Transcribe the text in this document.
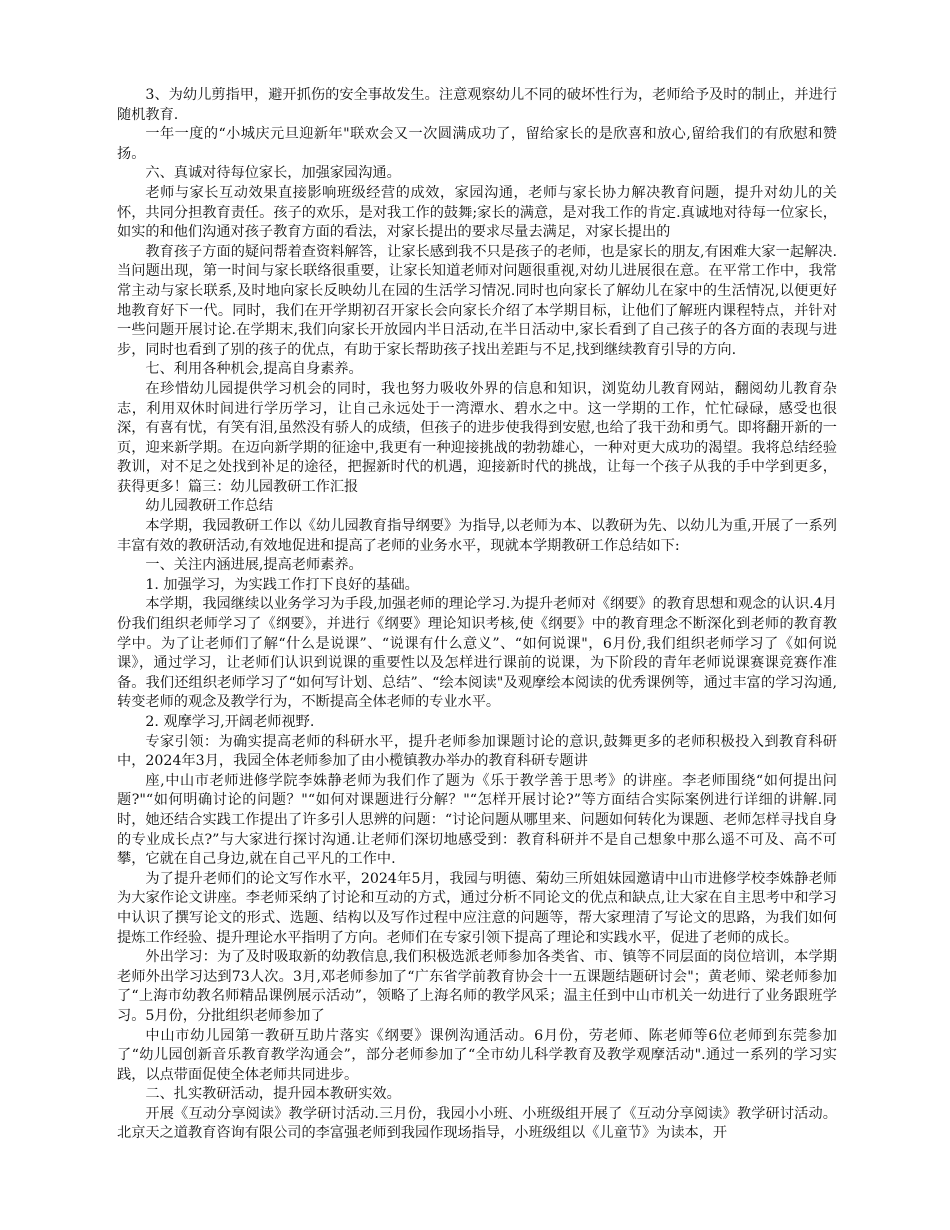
3、为幼儿剪指甲，避开抓伤的安全事故发生。注意观察幼儿不同的破坏性行为，老师给予及时的制止，并进行随机教育.

一年一度的“小城庆元旦迎新年"联欢会又一次圆满成功了，留给家长的是欣喜和放心,留给我们的有欣慰和赞扬。

六、真诚对待每位家长，加强家园沟通。

老师与家长互动效果直接影响班级经营的成效，家园沟通，老师与家长协力解决教育问题，提升对幼儿的关怀，共同分担教育责任。孩子的欢乐，是对我工作的鼓舞;家长的满意，是对我工作的肯定.真诚地对待每一位家长，如实的和他们沟通对孩子教育方面的看法，对家长提出的要求尽量去满足，对家长提出的

教育孩子方面的疑问帮着查资料解答，让家长感到我不只是孩子的老师，也是家长的朋友,有困难大家一起解决.当问题出现，第一时间与家长联络很重要，让家长知道老师对问题很重视,对幼儿进展很在意。在平常工作中，我常常主动与家长联系,及时地向家长反映幼儿在园的生活学习情况.同时也向家长了解幼儿在家中的生活情况,以便更好地教育好下一代。同时，我们在开学期初召开家长会向家长介绍了本学期目标，让他们了解班内课程特点，并针对一些问题开展讨论.在学期末,我们向家长开放园内半日活动,在半日活动中,家长看到了自己孩子的各方面的表现与进步，同时也看到了别的孩子的优点，有助于家长帮助孩子找出差距与不足,找到继续教育引导的方向.

七、利用各种机会,提高自身素养。

在珍惜幼儿园提供学习机会的同时，我也努力吸收外界的信息和知识，浏览幼儿教育网站，翻阅幼儿教育杂志，利用双休时间进行学历学习，让自己永远处于一湾潭水、碧水之中。这一学期的工作，忙忙碌碌，感受也很深，有喜有忧，有笑有泪,虽然没有骄人的成绩，但孩子的进步使我得到安慰,也给了我干劲和勇气。即将翻开新的一页，迎来新学期。在迈向新学期的征途中,我更有一种迎接挑战的勃勃雄心，一种对更大成功的渴望。我将总结经验教训，对不足之处找到补足的途径，把握新时代的机遇，迎接新时代的挑战，让每一个孩子从我的手中学到更多，获得更多！篇三：幼儿园教研工作汇报

幼儿园教研工作总结

本学期，我园教研工作以《幼儿园教育指导纲要》为指导,以老师为本、以教研为先、以幼儿为重,开展了一系列丰富有效的教研活动,有效地促进和提高了老师的业务水平，现就本学期教研工作总结如下:

一、关注内涵进展,提高老师素养。

1. 加强学习，为实践工作打下良好的基础。

本学期，我园继续以业务学习为手段,加强老师的理论学习.为提升老师对《纲要》的教育思想和观念的认识.4月份我们组织老师学习了《纲要》，并进行《纲要》理论知识考核,使《纲要》中的教育理念不断深化到老师的教育教学中。为了让老师们了解“什么是说课”、“说课有什么意义”、“如何说课"，6月份,我们组织老师学习了《如何说课》，通过学习，让老师们认识到说课的重要性以及怎样进行课前的说课，为下阶段的青年老师说课赛课竞赛作准备。我们还组织老师学习了“如何写计划、总结”、“绘本阅读"及观摩绘本阅读的优秀课例等，通过丰富的学习沟通,转变老师的观念及教学行为，不断提高全体老师的专业水平。

2. 观摩学习,开阔老师视野.

专家引领：为确实提高老师的科研水平，提升老师参加课题讨论的意识,鼓舞更多的老师积极投入到教育科研中，2024年3月，我园全体老师参加了由小榄镇教办举办的教育科研专题讲

座,中山市老师进修学院李姝静老师为我们作了题为《乐于教学善于思考》的讲座。李老师围绕“如何提出问题?"“如何明确讨论的问题？"“如何对课题进行分解？"“怎样开展讨论?”等方面结合实际案例进行详细的讲解.同时，她还结合实践工作提出了许多引人思辨的问题：“讨论问题从哪里来、问题如何转化为课题、老师怎样寻找自身的专业成长点?”与大家进行探讨沟通.让老师们深切地感受到：教育科研并不是自己想象中那么遥不可及、高不可攀，它就在自己身边,就在自己平凡的工作中.

为了提升老师们的论文写作水平，2024年5月，我园与明德、菊幼三所姐妹园邀请中山市进修学校李姝静老师为大家作论文讲座。李老师采纳了讨论和互动的方式，通过分析不同论文的优点和缺点,让大家在自主思考中和学习中认识了撰写论文的形式、选题、结构以及写作过程中应注意的问题等，帮大家理清了写论文的思路，为我们如何提炼工作经验、提升理论水平指明了方向。老师们在专家引领下提高了理论和实践水平，促进了老师的成长。

外出学习：为了及时吸取新的幼教信息,我们积极选派老师参加各类省、市、镇等不同层面的岗位培训，本学期老师外出学习达到73人次。3月,邓老师参加了“广东省学前教育协会十一五课题结题研讨会"；黄老师、梁老师参加了“上海市幼教名师精品课例展示活动”，领略了上海名师的教学风采；温主任到中山市机关一幼进行了业务跟班学习。5月份，分批组织老师参加了

中山市幼儿园第一教研互助片落实《纲要》课例沟通活动。6月份，劳老师、陈老师等6位老师到东莞参加了“幼儿园创新音乐教育教学沟通会”，部分老师参加了“全市幼儿科学教育及教学观摩活动".通过一系列的学习实践，以点带面促使全体老师共同进步。

二、扎实教研活动，提升园本教研实效。

开展《互动分享阅读》教学研讨活动.三月份，我园小小班、小班级组开展了《互动分享阅读》教学研讨活动。北京天之道教育咨询有限公司的李富强老师到我园作现场指导，小班级组以《儿童节》为读本，开
